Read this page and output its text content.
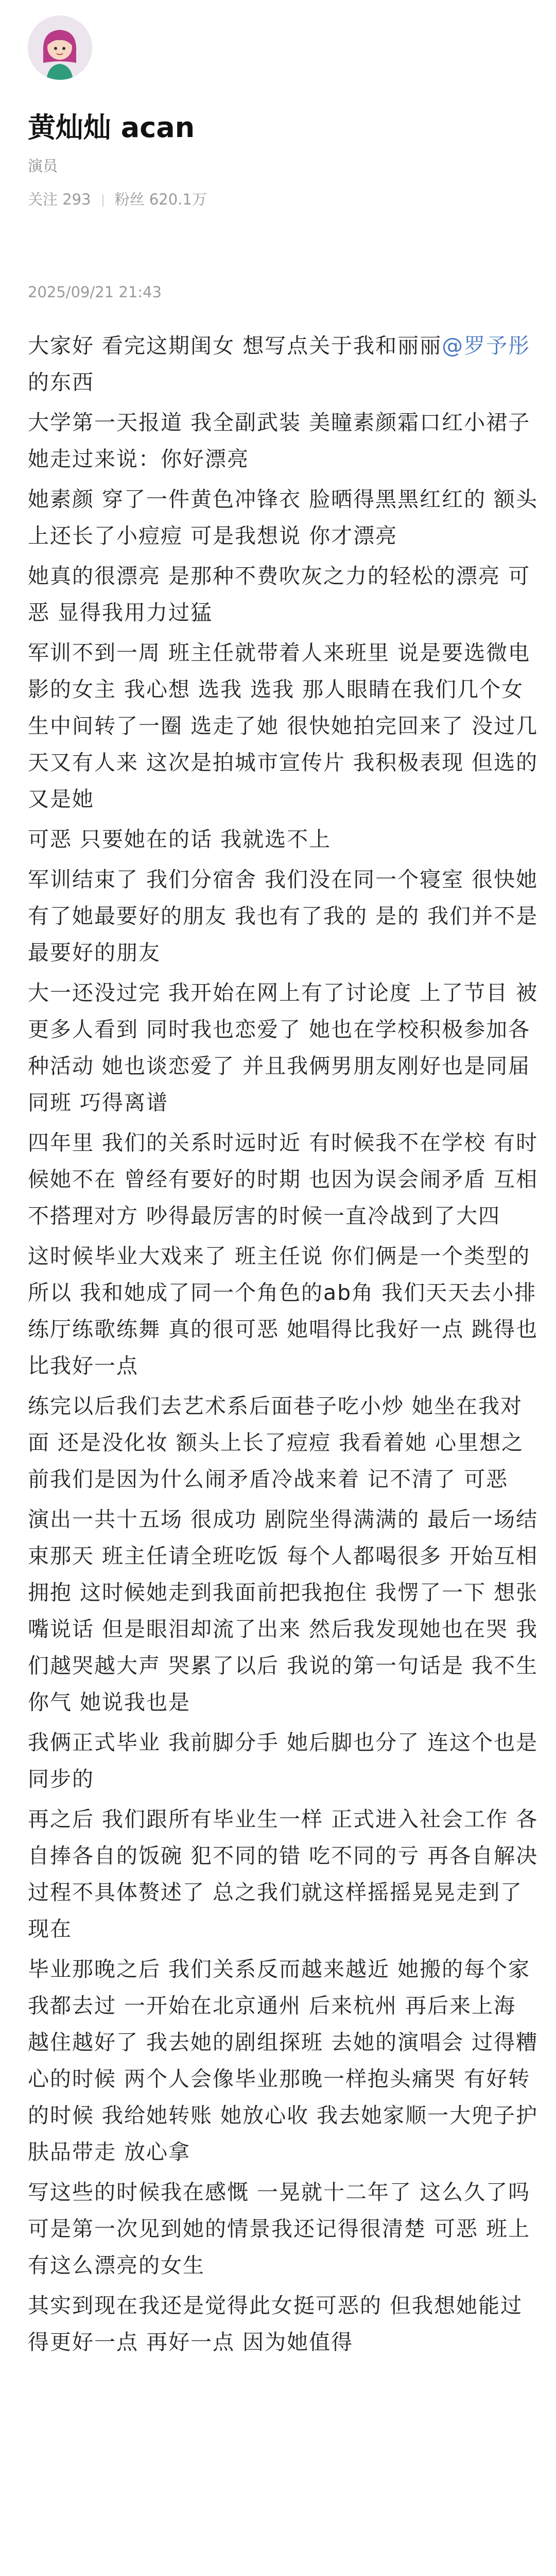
黄灿灿 acan
演员
关注 293 粉丝 620.1万
2025/09/21 21:43

大家好 看完这期闺女 想写点关于我和丽丽@罗予彤的东西

大学第一天报道 我全副武装 美瞳素颜霜口红小裙子 她走过来说：你好漂亮

她素颜 穿了一件黄色冲锋衣 脸晒得黑黑红红的 额头上还长了小痘痘 可是我想说 你才漂亮

她真的很漂亮 是那种不费吹灰之力的轻松的漂亮 可恶 显得我用力过猛

军训不到一周 班主任就带着人来班里 说是要选微电影的女主 我心想 选我 选我 那人眼睛在我们几个女生中间转了一圈 选走了她 很快她拍完回来了 没过几天又有人来 这次是拍城市宣传片 我积极表现 但选的又是她

可恶 只要她在的话 我就选不上

军训结束了 我们分宿舍 我们没在同一个寝室 很快她有了她最要好的朋友 我也有了我的 是的 我们并不是最要好的朋友

大一还没过完 我开始在网上有了讨论度 上了节目 被更多人看到 同时我也恋爱了 她也在学校积极参加各种活动 她也谈恋爱了 并且我俩男朋友刚好也是同届同班 巧得离谱

四年里 我们的关系时远时近 有时候我不在学校 有时候她不在 曾经有要好的时期 也因为误会闹矛盾 互相不搭理对方 吵得最厉害的时候一直冷战到了大四

这时候毕业大戏来了 班主任说 你们俩是一个类型的 所以 我和她成了同一个角色的ab角 我们天天去小排练厅练歌练舞 真的很可恶 她唱得比我好一点 跳得也比我好一点

练完以后我们去艺术系后面巷子吃小炒 她坐在我对面 还是没化妆 额头上长了痘痘 我看着她 心里想之前我们是因为什么闹矛盾冷战来着 记不清了 可恶

演出一共十五场 很成功 剧院坐得满满的 最后一场结束那天 班主任请全班吃饭 每个人都喝很多 开始互相拥抱 这时候她走到我面前把我抱住 我愣了一下 想张嘴说话 但是眼泪却流了出来 然后我发现她也在哭 我们越哭越大声 哭累了以后 我说的第一句话是 我不生你气 她说我也是

我俩正式毕业 我前脚分手 她后脚也分了 连这个也是同步的

再之后 我们跟所有毕业生一样 正式进入社会工作 各自捧各自的饭碗 犯不同的错 吃不同的亏 再各自解决 过程不具体赘述了 总之我们就这样摇摇晃晃走到了现在

毕业那晚之后 我们关系反而越来越近 她搬的每个家我都去过 一开始在北京通州 后来杭州 再后来上海 越住越好了 我去她的剧组探班 去她的演唱会 过得糟心的时候 两个人会像毕业那晚一样抱头痛哭 有好转的时候 我给她转账 她放心收 我去她家顺一大兜子护肤品带走 放心拿

写这些的时候我在感慨 一晃就十二年了 这么久了吗 可是第一次见到她的情景我还记得很清楚 可恶 班上有这么漂亮的女生

其实到现在我还是觉得此女挺可恶的 但我想她能过得更好一点 再好一点 因为她值得
